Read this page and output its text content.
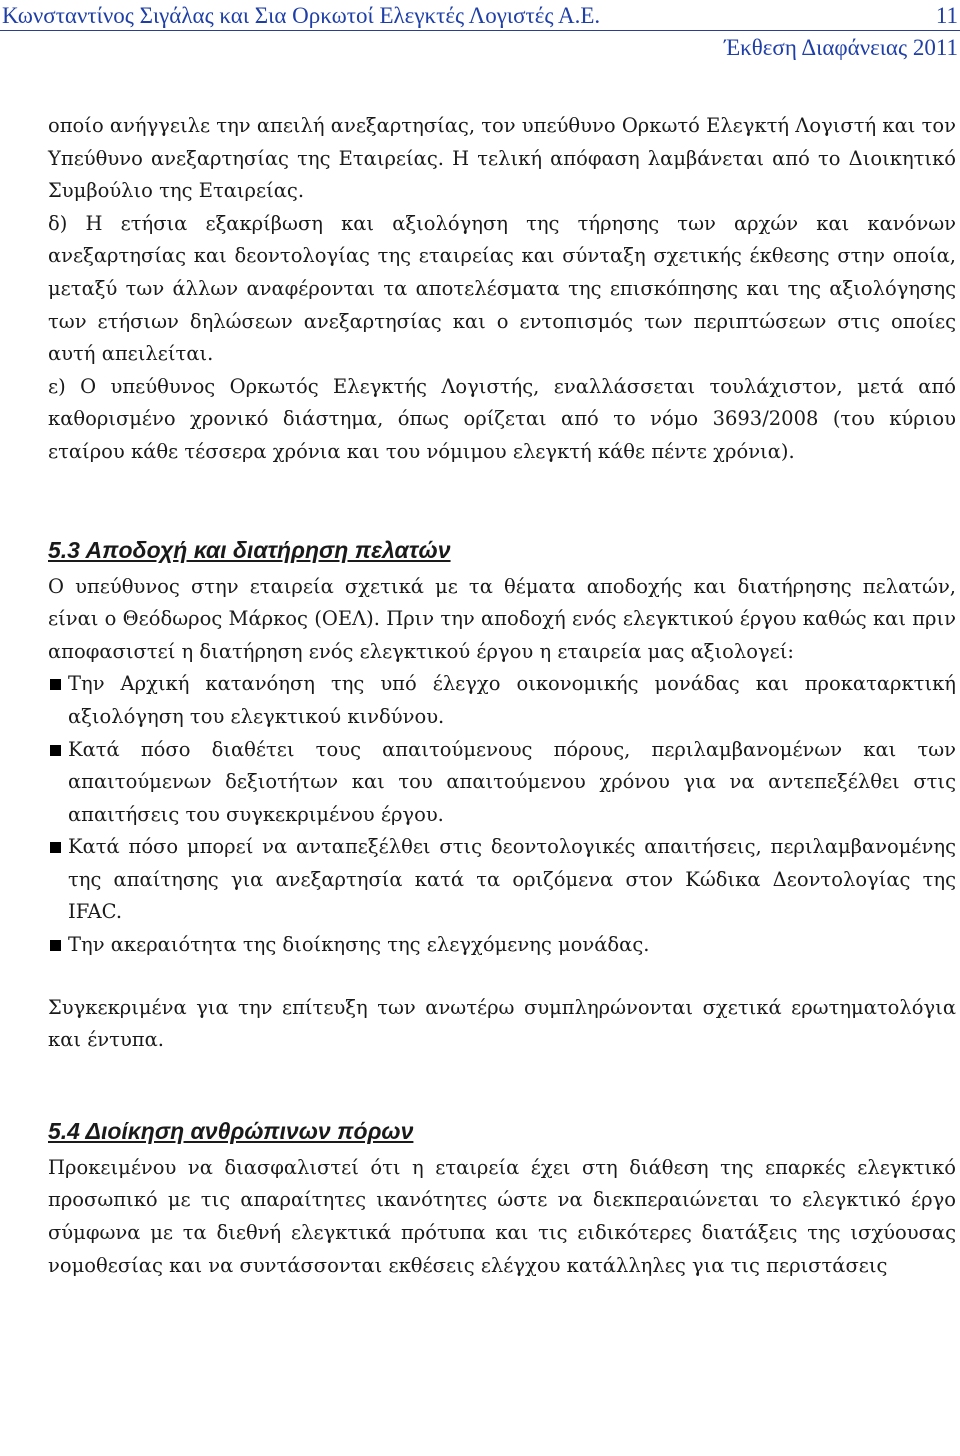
Κωνσταντίνος Σιγάλας και Σια Ορκωτοί Ελεγκτές Λογιστές Α.Ε.	11
Έκθεση Διαφάνειας 2011

οποίο ανήγγειλε την απειλή ανεξαρτησίας, τον υπεύθυνο Ορκωτό Ελεγκτή Λογιστή και τον Υπεύθυνο ανεξαρτησίας της Εταιρείας. Η τελική απόφαση λαμβάνεται από το Διοικητικό Συμβούλιο της Εταιρείας.

δ) Η ετήσια εξακρίβωση και αξιολόγηση της τήρησης των αρχών και κανόνων ανεξαρτησίας και δεοντολογίας της εταιρείας και σύνταξη σχετικής έκθεσης στην οποία, μεταξύ των άλλων αναφέρονται τα αποτελέσματα της επισκόπησης και της αξιολόγησης των ετήσιων δηλώσεων ανεξαρτησίας και ο εντοπισμός των περιπτώσεων στις οποίες αυτή απειλείται.

ε) Ο υπεύθυνος Ορκωτός Ελεγκτής Λογιστής, εναλλάσσεται τουλάχιστον, μετά από καθορισμένο χρονικό διάστημα, όπως ορίζεται από το νόμο 3693/2008 (του κύριου εταίρου κάθε τέσσερα χρόνια και του νόμιμου ελεγκτή κάθε πέντε χρόνια).

5.3 Αποδοχή και διατήρηση πελατών

Ο υπεύθυνος στην εταιρεία σχετικά με τα θέματα αποδοχής και διατήρησης πελατών, είναι ο Θεόδωρος Μάρκος (ΟΕΛ). Πριν την αποδοχή ενός ελεγκτικού έργου καθώς και πριν αποφασιστεί η διατήρηση ενός ελεγκτικού έργου η εταιρεία μας αξιολογεί:

Την Αρχική κατανόηση της υπό έλεγχο οικονομικής μονάδας και προκαταρκτική αξιολόγηση του ελεγκτικού κινδύνου.

Κατά πόσο διαθέτει τους απαιτούμενους πόρους, περιλαμβανομένων και των απαιτούμενων δεξιοτήτων και του απαιτούμενου χρόνου για να αντεπεξέλθει στις απαιτήσεις του συγκεκριμένου έργου.

Κατά πόσο μπορεί να ανταπεξέλθει στις δεοντολογικές απαιτήσεις, περιλαμβανομένης της απαίτησης για ανεξαρτησία κατά τα οριζόμενα στον Κώδικα Δεοντολογίας της IFAC.

Την ακεραιότητα της διοίκησης της ελεγχόμενης μονάδας.

Συγκεκριμένα για την επίτευξη των ανωτέρω συμπληρώνονται σχετικά ερωτηματολόγια και έντυπα.

5.4 Διοίκηση ανθρώπινων πόρων

Προκειμένου να διασφαλιστεί ότι η εταιρεία έχει στη διάθεση της επαρκές ελεγκτικό προσωπικό με τις απαραίτητες ικανότητες ώστε να διεκπεραιώνεται το ελεγκτικό έργο σύμφωνα με τα διεθνή ελεγκτικά πρότυπα και τις ειδικότερες διατάξεις της ισχύουσας νομοθεσίας και να συντάσσονται εκθέσεις ελέγχου κατάλληλες για τις περιστάσεις
